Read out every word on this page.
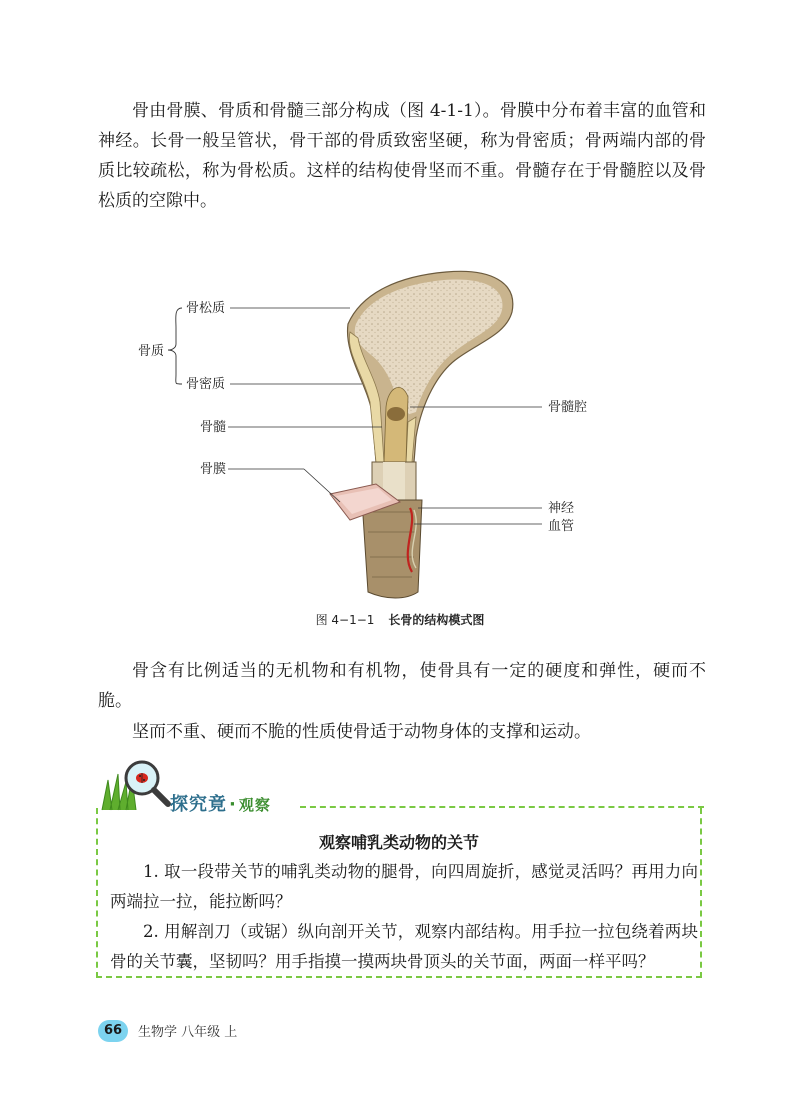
骨由骨膜、骨质和骨髓三部分构成（图 4-1-1）。骨膜中分布着丰富的血管和神经。长骨一般呈管状，骨干部的骨质致密坚硬，称为骨密质；骨两端内部的骨质比较疏松，称为骨松质。这样的结构使骨坚而不重。骨髓存在于骨髓腔以及骨松质的空隙中。

骨松质
骨质
骨密质
骨髓
骨膜
骨髓腔
神经
血管
图 4−1−1 长骨的结构模式图

骨含有比例适当的无机物和有机物，使骨具有一定的硬度和弹性，硬而不脆。

坚而不重、硬而不脆的性质使骨适于动物身体的支撑和运动。

探究竟 · 观察

观察哺乳类动物的关节

1. 取一段带关节的哺乳类动物的腿骨，向四周旋折，感觉灵活吗？再用力向两端拉一拉，能拉断吗？

2. 用解剖刀（或锯）纵向剖开关节，观察内部结构。用手拉一拉包绕着两块骨的关节囊，坚韧吗？用手指摸一摸两块骨顶头的关节面，两面一样平吗？

66	生物学 八年级 上
